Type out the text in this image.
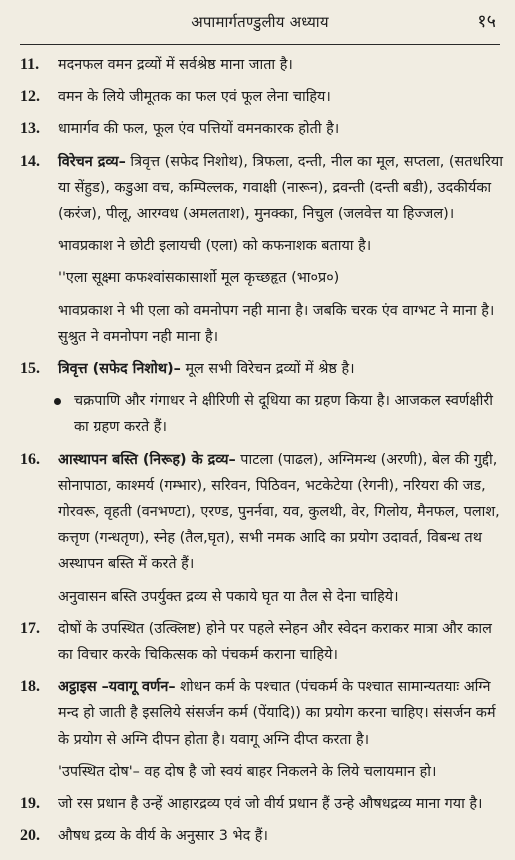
अपामार्गतण्डुलीय अध्याय	१५
11.	मदनफल वमन द्रव्यों में सर्वश्रेष्ठ माना जाता है।
12.	वमन के लिये जीमूतक का फल एवं फूल लेना चाहिय।
13.	धामार्गव की फल, फूल एंव पत्तियों वमनकारक होती है।
14.	विरेचन द्रव्य– त्रिवृत्त (सफेद निशोथ), त्रिफला, दन्ती, नील का मूल, सप्तला, (सतधरिया या सेंहुड), कडुआ वच, कम्पिल्लक, गवाक्षी (नारून), द्रवन्ती (दन्ती बडी), उदकीर्यका (करंज), पीलू, आरग्वध (अमलताश), मुनक्का, निचुल (जलवेत्त या हिज्जल)।
भावप्रकाश ने छोटी इलायची (एला) को कफनाशक बताया है।
''एला सूक्ष्मा कफश्वांसकासार्शो मूल कृच्छहृत (भा०प्र०)
भावप्रकाश ने भी एला को वमनोपग नही माना है। जबकि चरक एंव वाग्भट ने माना है। सुश्रुत ने वमनोपग नही माना है।
15.	त्रिवृत्त (सफेद निशोथ)– मूल सभी विरेचन द्रव्यों में श्रेष्ठ है।
चक्रपाणि और गंगाधर ने क्षीरिणी से दूधिया का ग्रहण किया है। आजकल स्वर्णक्षीरी का ग्रहण करते हैं।
16.	आस्थापन बस्ति (निरूह) के द्रव्य– पाटला (पाढल), अग्निमन्थ (अरणी), बेल की गुद्दी, सोनापाठा, काश्मर्य (गम्भार), सरिवन, पिठिवन, भटकेटेया (रेगनी), नरियरा की जड, गोरवरू, वृहती (वनभण्टा), एरण्ड, पुनर्नवा, यव, कुलथी, वेर, गिलोय, मैनफल, पलाश, कत्तृण (गन्धतृण), स्नेह (तैल,घृत), सभी नमक आदि का प्रयोग उदावर्त, विबन्ध तथ अस्थापन बस्ति में करते हैं।
अनुवासन बस्ति उपर्युक्त द्रव्य से पकाये घृत या तैल से देना चाहिये।
17.	दोषों के उपस्थित (उत्क्लिष्ट) होने पर पहले स्नेहन और स्वेदन कराकर मात्रा और काल का विचार करके चिकित्सक को पंचकर्म कराना चाहिये।
18.	अट्ठाइस –यवागू वर्णन– शोधन कर्म के पश्चात (पंचकर्म के पश्चात सामान्यतयाः अग्नि मन्द हो जाती है इसलिये संसर्जन कर्म (पेंयादि)) का प्रयोग करना चाहिए। संसर्जन कर्म के प्रयोग से अग्नि दीपन होता है। यवागू अग्नि दीप्त करता है।
'उपस्थित दोष'– वह दोष है जो स्वयं बाहर निकलने के लिये चलायमान हो।
19.	जो रस प्रधान है उन्हें आहारद्रव्य एवं जो वीर्य प्रधान हैं उन्हे औषधद्रव्य माना गया है।
20.	औषध द्रव्य के वीर्य के अनुसार 3 भेद हैं।
